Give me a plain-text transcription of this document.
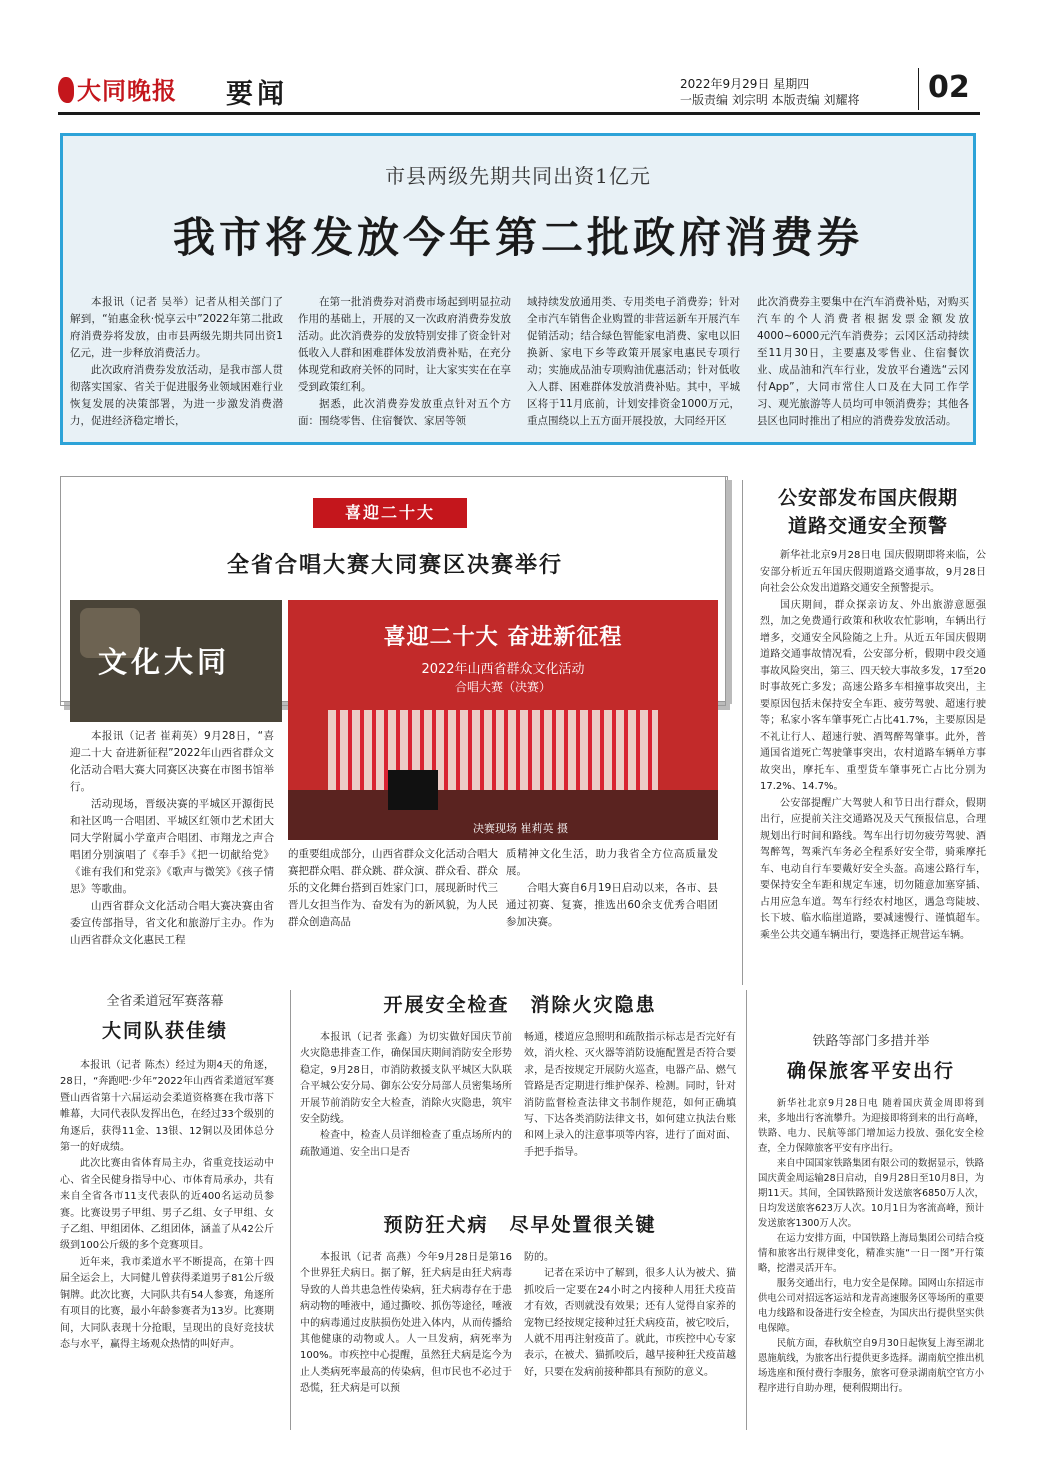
大同晚报 要闻	2022年9月29日 星期四
一版责编 刘宗明 本版责编 刘耀将 02
市县两级先期共同出资1亿元
我市将发放今年第二批政府消费券

本报讯（记者 吴举）记者从相关部门了解到，“铂惠金秋·悦享云中”2022年第二批政府消费券将发放，由市县两级先期共同出资1亿元，进一步释放消费活力。

此次政府消费券发放活动，是我市部人贯彻落实国家、省关于促进服务业领域困难行业恢复发展的决策部署，为进一步激发消费潜力，促进经济稳定增长，

在第一批消费券对消费市场起到明显拉动作用的基础上，开展的又一次政府消费券发放活动。此次消费券的发放特别安排了资金针对低收入人群和困难群体发放消费补贴，在充分体现党和政府关怀的同时，让大家实实在在享受到政策红利。

据悉，此次消费券发放重点针对五个方面：围绕零售、住宿餐饮、家居等领

域持续发放通用类、专用类电子消费券；针对全市汽车销售企业购置的非营运新车开展汽车促销活动；结合绿色智能家电消费、家电以旧换新、家电下乡等政策开展家电惠民专项行动；实施成品油专项购油优惠活动；针对低收入人群、困难群体发放消费补贴。其中，平城区将于11月底前，计划安排资金1000万元，重点围绕以上五方面开展投放，大同经开区

此次消费券主要集中在汽车消费补贴，对购买汽车的个人消费者根据发票金额发放4000~6000元汽车消费券；云冈区活动持续至11月30日，主要惠及零售业、住宿餐饮业、成品油和汽车行业，发放平台遴选“云冈付App”，大同市常住人口及在大同工作学习、观光旅游等人员均可申领消费券；其他各县区也同时推出了相应的消费券发放活动。

喜迎二十大
全省合唱大赛大同赛区决赛举行
文化大同
喜迎二十大 奋进新征程
2022年山西省群众文化活动
合唱大赛（决赛）
决赛现场 崔莉英 摄

本报讯（记者 崔莉英）9月28日，“喜迎二十大 奋进新征程”2022年山西省群众文化活动合唱大赛大同赛区决赛在市图书馆举行。

活动现场，晋级决赛的平城区开源街民和社区鸣一合唱团、平城区红领巾艺术团大同大学附属小学童声合唱团、市翔龙之声合唱团分别演唱了《奉手》《把一切献给党》《谁有我们和党亲》《歌声与微笑》《孩子情思》等歌曲。

山西省群众文化活动合唱大赛决赛由省委宣传部指导，省文化和旅游厅主办。作为山西省群众文化惠民工程

的重要组成部分，山西省群众文化活动合唱大赛把群众唱、群众跳、群众演、群众看、群众乐的文化舞台搭到百姓家门口，展现新时代三晋儿女担当作为、奋发有为的新风貌，为人民群众创造高品

质精神文化生活，助力我省全方位高质量发展。

合唱大赛自6月19日启动以来，各市、县通过初赛、复赛，推选出60余支优秀合唱团参加决赛。

公安部发布国庆假期
道路交通安全预警

新华社北京9月28日电 国庆假期即将来临，公安部分析近五年国庆假期道路交通事故，9月28日向社会公众发出道路交通安全预警提示。

国庆期间，群众探亲访友、外出旅游意愿强烈，加之免费通行政策和秋收农忙影响，车辆出行增多，交通安全风险随之上升。从近五年国庆假期道路交通事故情况看，公安部分析，假期中段交通事故风险突出，第三、四天较大事故多发，17至20时事故死亡多发；高速公路多车相撞事故突出，主要原因包括未保持安全车距、疲劳驾驶、超速行驶等；私家小客车肇事死亡占比41.7%，主要原因是不礼让行人、超速行驶、酒驾醉驾肇事。此外，普通国省道死亡驾驶肇事突出，农村道路车辆单方事故突出，摩托车、重型货车肇事死亡占比分别为17.2%、14.7%。

公安部提醒广大驾驶人和节日出行群众，假期出行，应提前关注交通路况及天气预报信息，合理规划出行时间和路线。驾车出行切勿疲劳驾驶、酒驾醉驾，驾乘汽车务必全程系好安全带，骑乘摩托车、电动自行车要戴好安全头盔。高速公路行车，要保持安全车距和规定车速，切勿随意加塞穿插、占用应急车道。驾车行经农村地区，遇急弯陡坡、长下坡、临水临崖道路，要减速慢行、谨慎超车。乘坐公共交通车辆出行，要选择正规营运车辆。

全省柔道冠军赛落幕
大同队获佳绩

本报讯（记者 陈杰）经过为期4天的角逐，28日，“奔跑吧·少年”2022年山西省柔道冠军赛暨山西省第十六届运动会柔道资格赛在我市落下帷幕，大同代表队发挥出色，在经过33个级别的角逐后，获得11金、13银、12铜以及团体总分第一的好成绩。

此次比赛由省体育局主办，省重竞技运动中心、省全民健身指导中心、市体育局承办，共有来自全省各市11支代表队的近400名运动员参赛。比赛设男子甲组、男子乙组、女子甲组、女子乙组、甲组团体、乙组团体，涵盖了从42公斤级到100公斤级的多个竞赛项目。

近年来，我市柔道水平不断提高，在第十四届全运会上，大同健儿曾获得柔道男子81公斤级铜牌。此次比赛，大同队共有54人参赛，角逐所有项目的比赛，最小年龄参赛者为13岁。比赛期间，大同队表现十分抢眼，呈现出的良好竞技状态与水平，赢得主场观众热情的叫好声。

开展安全检查　消除火灾隐患

本报讯（记者 张鑫）为切实做好国庆节前火灾隐患排查工作，确保国庆期间消防安全形势稳定，9月28日，市消防救援支队平城区大队联合平城公安分局、御东公安分局部人员密集场所开展节前消防安全大检查，消除火灾隐患，筑牢安全防线。

检查中，检查人员详细检查了重点场所内的疏散通道、安全出口是否

畅通，楼道应急照明和疏散指示标志是否完好有效，消火栓、灭火器等消防设施配置是否符合要求，是否按规定开展防火巡查，电器产品、燃气管路是否定期进行维护保养、检测。同时，针对消防监督检查法律文书制作规范，如何正确填写、下达各类消防法律文书，如何建立执法台账和网上录入的注意事项等内容，进行了面对面、手把手指导。

预防狂犬病　尽早处置很关键

本报讯（记者 高燕）今年9月28日是第16个世界狂犬病日。据了解，狂犬病是由狂犬病毒导致的人兽共患急性传染病，狂犬病毒存在于患病动物的唾液中，通过撕咬、抓伤等途径，唾液中的病毒通过皮肤损伤处进入体内，从而传播给其他健康的动物或人。人一旦发病，病死率为100%。市疾控中心提醒，虽然狂犬病是迄今为止人类病死率最高的传染病，但市民也不必过于恐慌，狂犬病是可以预

防的。

记者在采访中了解到，很多人认为被犬、猫抓咬后一定要在24小时之内接种人用狂犬疫苗才有效，否则就没有效果；还有人觉得自家养的宠物已经按规定接种过狂犬病疫苗，被它咬后，人就不用再注射疫苗了。就此，市疾控中心专家表示，在被犬、猫抓咬后，越早接种狂犬疫苗越好，只要在发病前接种都具有预防的意义。

铁路等部门多措并举
确保旅客平安出行

新华社北京9月28日电 随着国庆黄金周即将到来，多地出行客流攀升。为迎接即将到来的出行高峰，铁路、电力、民航等部门增加运力投放、强化安全检查，全力保障旅客平安有序出行。

来自中国国家铁路集团有限公司的数据显示，铁路国庆黄金周运输28日启动，自9月28日至10月8日，为期11天。其间，全国铁路预计发送旅客6850万人次，日均发送旅客623万人次。10月1日为客流高峰，预计发送旅客1300万人次。

在运力安排方面，中国铁路上海局集团公司结合疫情和旅客出行规律变化，精准实施“一日一图”开行策略，挖潜灵活开车。

服务交通出行，电力安全是保障。国网山东招远市供电公司对招远客运站和龙青高速服务区等场所的重要电力线路和设备进行安全检查，为国庆出行提供坚实供电保障。

民航方面，春秋航空自9月30日起恢复上海至湖北恩施航线，为旅客出行提供更多选择。湖南航空推出机场选座和预付费行李服务，旅客可登录湖南航空官方小程序进行自助办理，便利假期出行。
